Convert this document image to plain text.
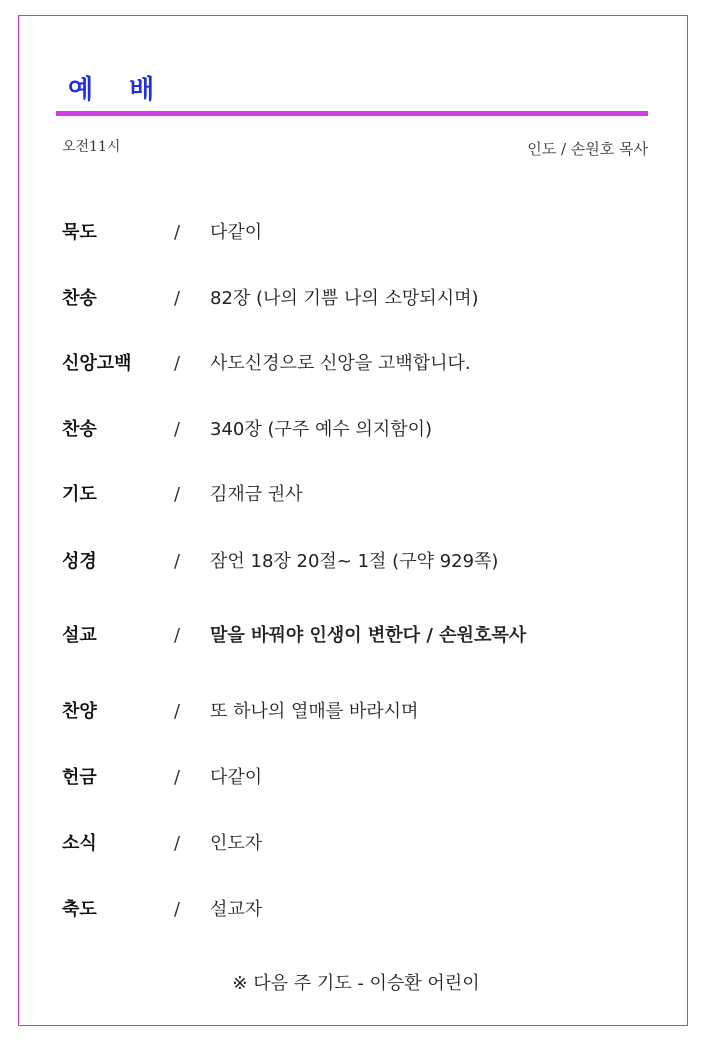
예배
오전11시	인도 / 손원호 목사
묵도	/ 다같이
찬송	/ 82장 (나의 기쁨 나의 소망되시며)
신앙고백	/ 사도신경으로 신앙을 고백합니다.
찬송	/ 340장 (구주 예수 의지함이)
기도	/ 김재금 권사
성경	/ 잠언 18장 20절~ 1절 (구약 929쪽)
설교	/ 말을 바꿔야 인생이 변한다 / 손원호목사
찬양	/ 또 하나의 열매를 바라시며
헌금	/ 다같이
소식	/ 인도자
축도	/ 설교자
※ 다음 주 기도 - 이승환 어린이
